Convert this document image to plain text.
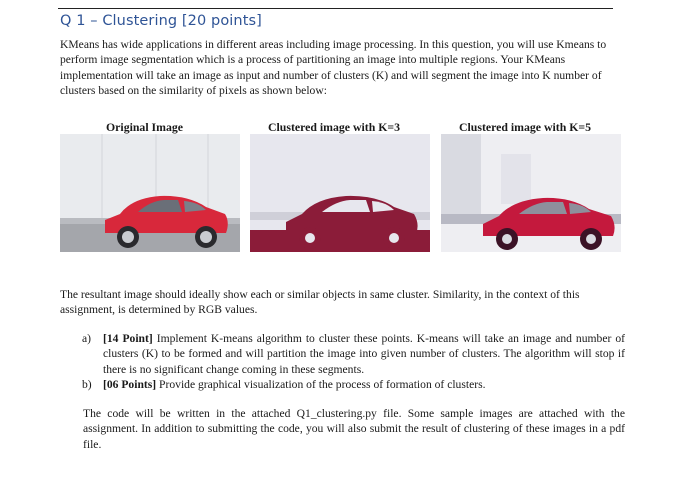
Q 1 – Clustering [20 points]
KMeans has wide applications in different areas including image processing. In this question, you will use Kmeans to perform image segmentation which is a process of partitioning an image into multiple regions. Your KMeans implementation will take an image as input and number of clusters (K) and will segment the image into K number of clusters based on the similarity of pixels as shown below:
Original Image	Clustered image with K=3	Clustered image with K=5
The resultant image should ideally show each or similar objects in same cluster. Similarity, in the context of this assignment, is determined by RGB values.
a) [14 Point] Implement K-means algorithm to cluster these points. K-means will take an image and number of clusters (K) to be formed and will partition the image into given number of clusters. The algorithm will stop if there is no significant change coming in these segments.
b) [06 Points] Provide graphical visualization of the process of formation of clusters.
The code will be written in the attached Q1_clustering.py file. Some sample images are attached with the assignment. In addition to submitting the code, you will also submit the result of clustering of these images in a pdf file.
